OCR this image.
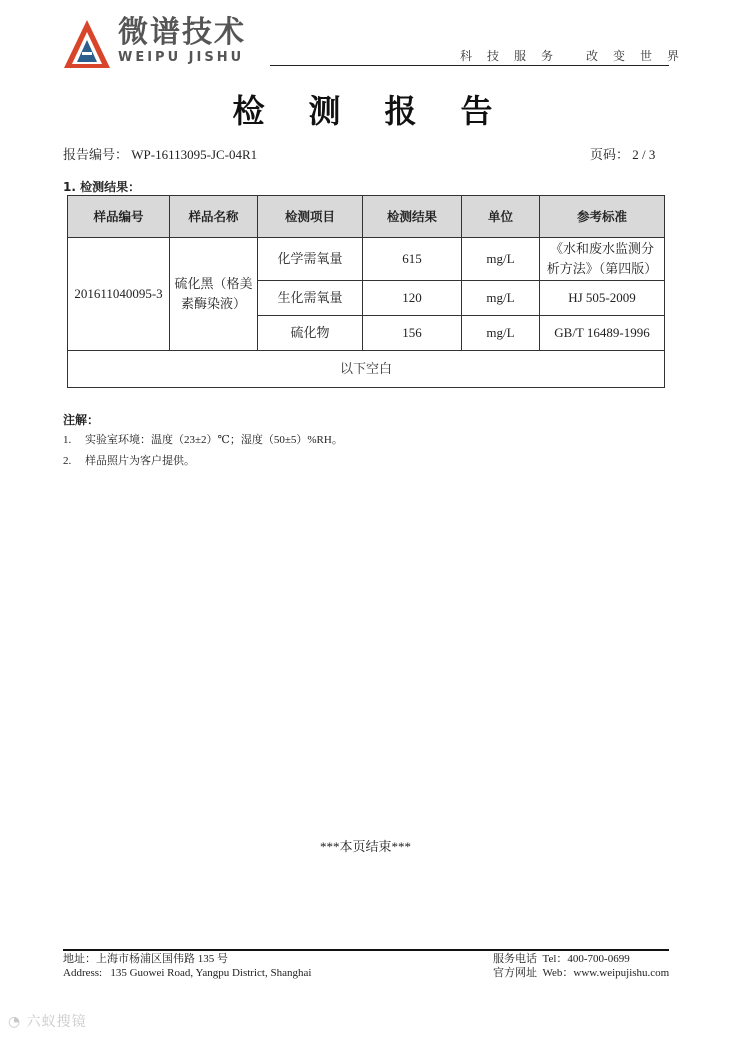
微谱技术
WEIPU JISHU	科 技 服 务   改 变 世 界
检 测 报 告
报告编号： WP-16113095-JC-04R1	页码： 2 / 3
1. 检测结果：
样品编号	样品名称	检测项目	检测结果	单位	参考标准
201611040095-3	硫化黑（格美素酶染液）	化学需氧量	615	mg/L	《水和废水监测分析方法》（第四版）
		生化需氧量	120	mg/L	HJ 505-2009
		硫化物	156	mg/L	GB/T 16489-1996
以下空白					
注解：
1. 实验室环境：温度（23±2）℃；湿度（50±5）%RH。
2. 样品照片为客户提供。
***本页结束***
地址：上海市杨浦区国伟路 135 号
Address:   135 Guowei Road, Yangpu District, Shanghai
服务电话  Tel：400-700-0699
官方网址  Web：www.weipujishu.com
◔ 六蚁搜镜
